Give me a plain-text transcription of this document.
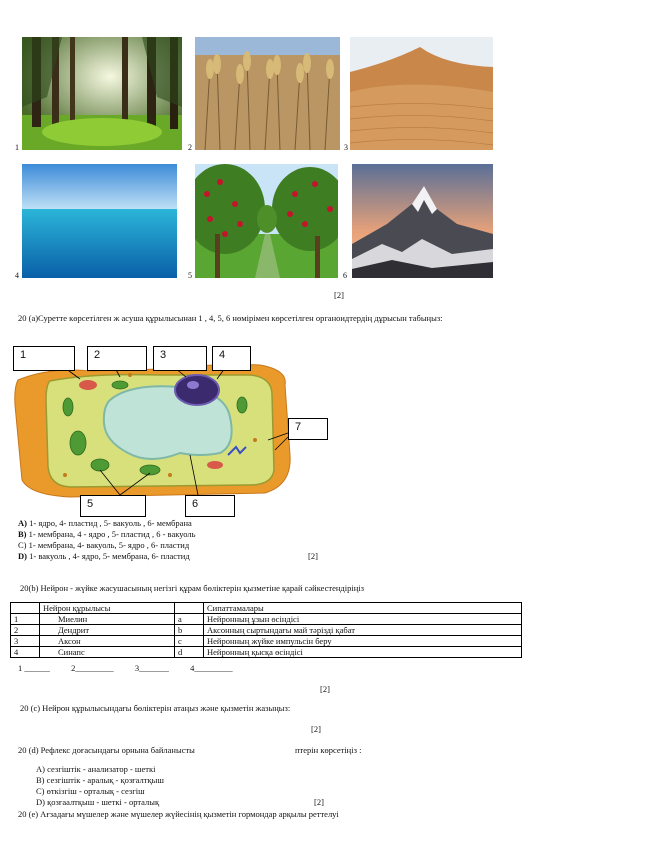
1	2	3
4	5	6
[2]
20 (а)Суретте көрсетілген ж асуша құрылысынан 1 , 4, 5, 6 нөмірімен көрсетілген органоидтердің дұрысын табыңыз:
1	2	3	4
7
5	6
A) 1- ядро, 4- пластид , 5- вакуоль , 6- мембрана
B) 1- мембрана, 4 - ядро , 5- пластид , 6 - вакуоль
C) 1- мембрана, 4- вакуоль, 5- ядро , 6- пластид
D) 1- вакуоль , 4- ядро, 5- мембрана, 6- пластид	[2]
20(b) Нейрон - жүйке жасушасының негізгі құрам бөліктерін қызметіне қарай сәйкестендіріңіз
	Нейрон құрылысы		Сипаттамалары
1	Миелин	a	Нейронның ұзын өсіндісі
2	Дендрит	b	Аксонның сыртындағы май тәрізді қабат
3	Аксон	c	Нейронның жүйке импульсін беру
4	Синапс	d	Нейронның қысқа өсіндісі
1 ______          2_________          3_______          4_________
[2]
20 (с) Нейрон құрылысындағы бөліктерін атаңыз және қызметін жазыңыз:
[2]
20 (d) Рефлекс доғасындағы орнына байланысты	птерін көрсетіңіз :
A) сезгіштік - анализатор - шеткі
B) сезгіштік - аралық - қозғалтқыш
C) өткізгіш - орталық - сезгіш
D) қозғаалтқыш - шеткі - орталық	[2]
20 (е) Ағзадағы мүшелер және мүшелер жүйесінің қызметін гормондар арқылы реттелуі
